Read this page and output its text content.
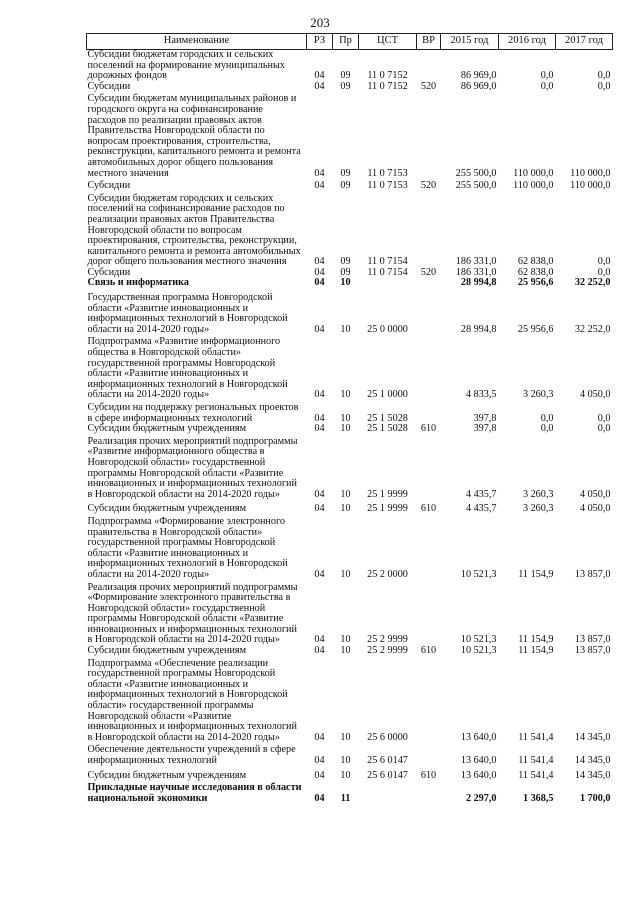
203
Наименование	РЗ	Пр	ЦСТ	ВР	2015 год	2016 год	2017 год
Субсидии бюджетам городских и сельских поселений на формирование муниципальных дорожных фондов	04	09	11 0 7152		86 969,0	0,0	0,0
Субсидии	04	09	11 0 7152	520	86 969,0	0,0	0,0
Субсидии бюджетам муниципальных районов и городского округа на софинансирование расходов по реализации правовых актов Правительства Новгородской области по вопросам проектирования, строительства, реконструкции, капитального ремонта и ремонта автомобильных дорог общего пользования местного значения	04	09	11 0 7153		255 500,0	110 000,0	110 000,0
Субсидии	04	09	11 0 7153	520	255 500,0	110 000,0	110 000,0
Субсидии бюджетам городских и сельских поселений на софинансирование расходов по реализации правовых актов Правительства Новгородской области по вопросам проектирования, строительства, реконструкции, капитального ремонта и ремонта автомобильных дорог общего пользования местного значения	04	09	11 0 7154		186 331,0	62 838,0	0,0
Субсидии	04	09	11 0 7154	520	186 331,0	62 838,0	0,0
Связь и информатика	04	10			28 994,8	25 956,6	32 252,0
Государственная программа Новгородской области «Развитие инновационных и информационных технологий в Новгородской области на 2014-2020 годы»	04	10	25 0 0000		28 994,8	25 956,6	32 252,0
Подпрограмма «Развитие информационного общества в Новгородской области» государственной программы Новгородской области «Развитие инновационных и информационных технологий в Новгородской области на 2014-2020 годы»	04	10	25 1 0000		4 833,5	3 260,3	4 050,0
Субсидии на поддержку региональных проектов в сфере информационных технологий	04	10	25 1 5028		397,8	0,0	0,0
Субсидии бюджетным учреждениям	04	10	25 1 5028	610	397,8	0,0	0,0
Реализация прочих мероприятий подпрограммы «Развитие информационного общества в Новгородской области» государственной программы Новгородской области «Развитие инновационных и информационных технологий в Новгородской области на 2014-2020 годы»	04	10	25 1 9999		4 435,7	3 260,3	4 050,0
Субсидии бюджетным учреждениям	04	10	25 1 9999	610	4 435,7	3 260,3	4 050,0
Подпрограмма «Формирование электронного правительства в Новгородской области» государственной программы Новгородской области «Развитие инновационных и информационных технологий в Новгородской области на 2014-2020 годы»	04	10	25 2 0000		10 521,3	11 154,9	13 857,0
Реализация прочих мероприятий подпрограммы «Формирование электронного правительства в Новгородской области» государственной программы Новгородской области «Развитие инновационных и информационных технологий в Новгородской области на 2014-2020 годы»	04	10	25 2 9999		10 521,3	11 154,9	13 857,0
Субсидии бюджетным учреждениям	04	10	25 2 9999	610	10 521,3	11 154,9	13 857,0
Подпрограмма «Обеспечение реализации государственной программы Новгородской области «Развитие инновационных и информационных технологий в Новгородской области» государственной программы Новгородской области «Развитие инновационных и информационных технологий в Новгородской области на 2014-2020 годы»	04	10	25 6 0000		13 640,0	11 541,4	14 345,0
Обеспечение деятельности учреждений в сфере информационных технологий	04	10	25 6 0147		13 640,0	11 541,4	14 345,0
Субсидии бюджетным учреждениям	04	10	25 6 0147	610	13 640,0	11 541,4	14 345,0
Прикладные научные исследования в области национальной экономики	04	11			2 297,0	1 368,5	1 700,0
